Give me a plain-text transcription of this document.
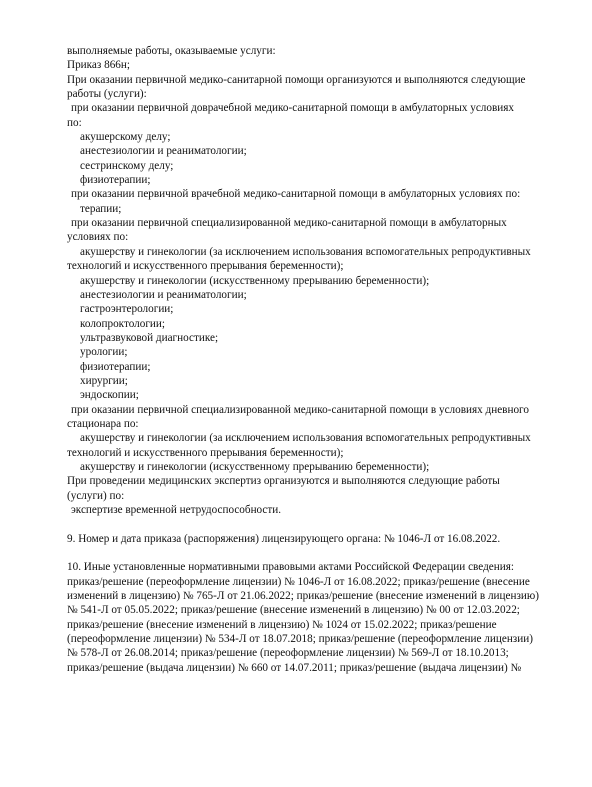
выполняемые работы, оказываемые услуги:
Приказ 866н;
При оказании первичной медико-санитарной помощи организуются и выполняются следующие
работы (услуги):
при оказании первичной доврачебной медико-санитарной помощи в амбулаторных условиях
по:
акушерскому делу;
анестезиологии и реаниматологии;
сестринскому делу;
физиотерапии;
при оказании первичной врачебной медико-санитарной помощи в амбулаторных условиях по:
терапии;
при оказании первичной специализированной медико-санитарной помощи в амбулаторных
условиях по:
акушерству и гинекологии (за исключением использования вспомогательных репродуктивных
технологий и искусственного прерывания беременности);
акушерству и гинекологии (искусственному прерыванию беременности);
анестезиологии и реаниматологии;
гастроэнтерологии;
колопроктологии;
ультразвуковой диагностике;
урологии;
физиотерапии;
хирургии;
эндоскопии;
при оказании первичной специализированной медико-санитарной помощи в условиях дневного
стационара по:
акушерству и гинекологии (за исключением использования вспомогательных репродуктивных
технологий и искусственного прерывания беременности);
акушерству и гинекологии (искусственному прерыванию беременности);
При проведении медицинских экспертиз организуются и выполняются следующие работы
(услуги) по:
экспертизе временной нетрудоспособности.
9. Номер и дата приказа (распоряжения) лицензирующего органа: № 1046-Л от 16.08.2022.
10. Иные установленные нормативными правовыми актами Российской Федерации сведения:
приказ/решение (переоформление лицензии) № 1046-Л от 16.08.2022; приказ/решение (внесение
изменений в лицензию) № 765-Л от 21.06.2022; приказ/решение (внесение изменений в лицензию)
№ 541-Л от 05.05.2022; приказ/решение (внесение изменений в лицензию) № 00 от 12.03.2022;
приказ/решение (внесение изменений в лицензию) № 1024 от 15.02.2022; приказ/решение
(переоформление лицензии) № 534-Л от 18.07.2018; приказ/решение (переоформление лицензии)
№ 578-Л от 26.08.2014; приказ/решение (переоформление лицензии) № 569-Л от 18.10.2013;
приказ/решение (выдача лицензии) № 660 от 14.07.2011; приказ/решение (выдача лицензии) №
